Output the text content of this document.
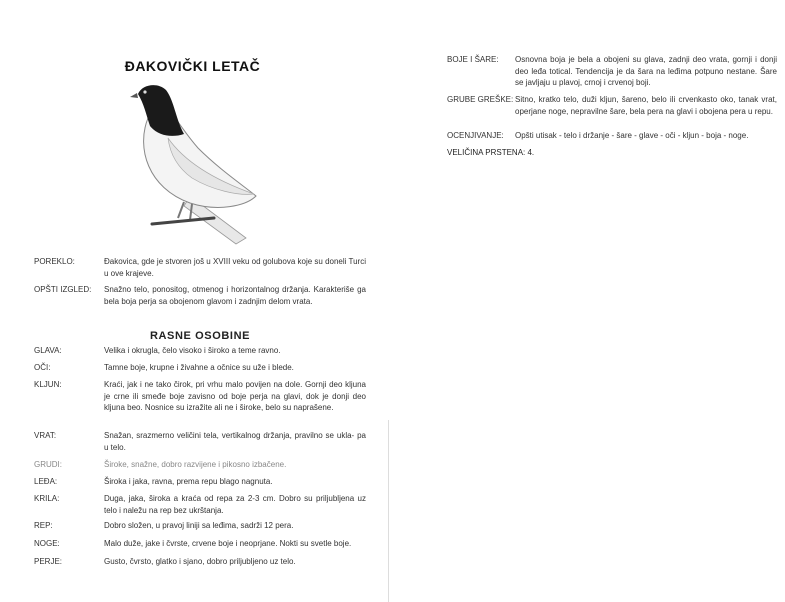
ĐAKOVIČKI LETAČ
POREKLO:	Đakovica, gde je stvoren još u XVIII veku od golubova koje su doneli Turci u ove krajeve.
OPŠTI IZGLED:	Snažno telo, ponositog, otmenog i horizontalnog držanja. Karakteriše ga bela boja perja sa obojenom glavom i zadnjim delom vrata.
RASNE OSOBINE
GLAVA:	Velika i okrugla, čelo visoko i široko a teme ravno.
OČI:	Tamne boje, krupne i živahne a očnice su uže i blede.
KLJUN:	Kraći, jak i ne tako čirok, pri vrhu malo povijen na dole. Gornji deo kljuna je crne ili smeđe boje zavisno od boje perja na glavi, dok je donji deo kljuna beo. Nosnice su izražite ali ne i široke, belo su naprašene.
VRAT:	Snažan, srazmerno veličini tela, vertikalnog držanja, pravilno se ukla- pa u telo.
GRUDI:	Široke, snažne, dobro razvijene i pikosno izbačene.
LEĐA:	Široka i jaka, ravna, prema repu blago nagnuta.
KRILA:	Duga, jaka, široka a kraća od repa za 2-3 cm. Dobro su priljubljena uz telo i naležu na rep bez ukrštanja.
REP:	Dobro složen, u pravoj liniji sa leđima, sadrži 12 pera.
NOGE:	Malo duže, jake i čvrste, crvene boje i neoprjane. Nokti su svetle boje.
PERJE:	Gusto, čvrsto, glatko i sjano, dobro priljubljeno uz telo.
BOJE I ŠARE:	Osnovna boja je bela a obojeni su glava, zadnji deo vrata, gornji i donji deo leđa totical. Tendencija je da šara na leđima potpuno nestane. Šare se javljaju u plavoj, crnoj i crvenoj boji.
GRUBE GREŠKE: Sitno, kratko telo, duži kljun, šareno, belo ili crvenkasto oko, tanak vrat, operjane noge, nepravilne šare, bela pera na glavi i obojena pera u repu.
OCENJIVANJE:	Opšti utisak - telo i držanje - šare - glave - oči - kljun - boja - noge.
VELIČINA PRSTENA: 4.
